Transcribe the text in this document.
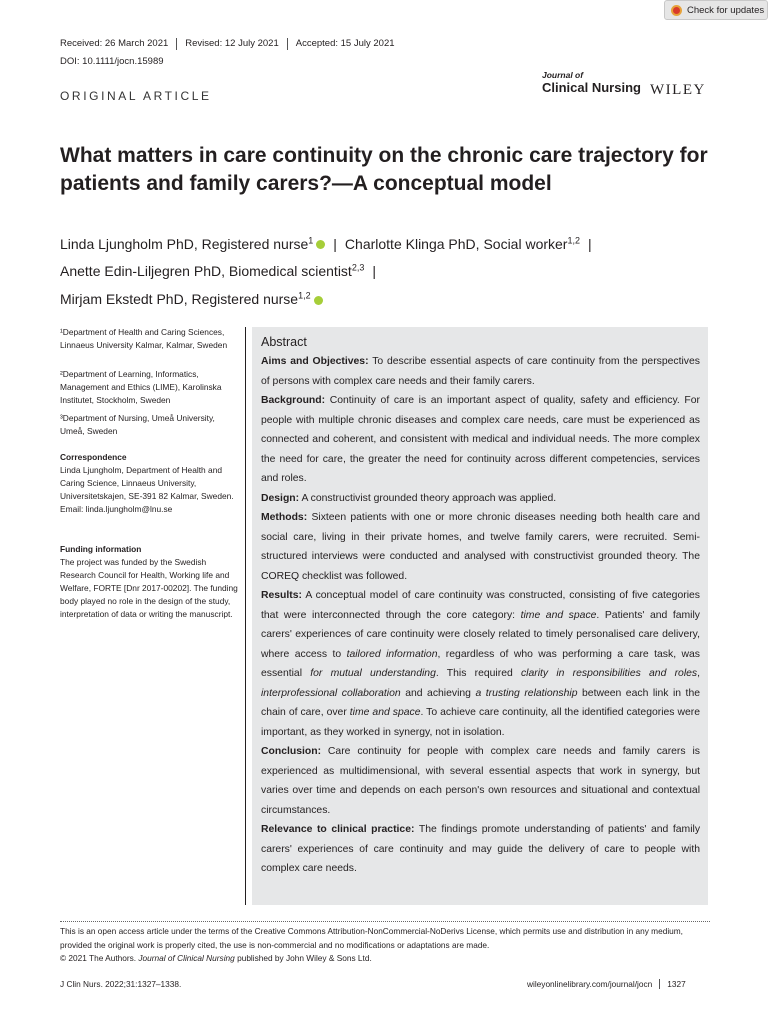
Received: 26 March 2021	Revised: 12 July 2021	Accepted: 15 July 2021
DOI: 10.1111/jocn.15989
Check for updates
ORIGINAL ARTICLE
Journal of
Clinical Nursing WILEY
What matters in care continuity on the chronic care trajectory for patients and family carers?—A conceptual model
Linda Ljungholm PhD, Registered nurse$^1$ | Charlotte Klinga PhD, Social worker$^{1,2}$ |
Anette Edin-Liljegren PhD, Biomedical scientist$^{2,3}$ |
Mirjam Ekstedt PhD, Registered nurse$^{1,2}$
¹Department of Health and Caring Sciences, Linnaeus University Kalmar, Kalmar, Sweden
²Department of Learning, Informatics, Management and Ethics (LIME), Karolinska Institutet, Stockholm, Sweden
³Department of Nursing, Umeå University, Umeå, Sweden
Correspondence
Linda Ljungholm, Department of Health and Caring Science, Linnaeus University, Universitetskajen, SE-391 82 Kalmar, Sweden.
Email: linda.ljungholm@lnu.se
Funding information
The project was funded by the Swedish Research Council for Health, Working life and Welfare, FORTE [Dnr 2017-00202]. The funding body played no role in the design of the study, interpretation of data or writing the manuscript.
Abstract

Aims and Objectives: To describe essential aspects of care continuity from the perspectives of persons with complex care needs and their family carers.

Background: Continuity of care is an important aspect of quality, safety and efficiency. For people with multiple chronic diseases and complex care needs, care must be experienced as connected and coherent, and consistent with medical and individual needs. The more complex the need for care, the greater the need for continuity across different competencies, services and roles.

Design: A constructivist grounded theory approach was applied.

Methods: Sixteen patients with one or more chronic diseases needing both health care and social care, living in their private homes, and twelve family carers, were recruited. Semi-structured interviews were conducted and analysed with constructivist grounded theory. The COREQ checklist was followed.

Results: A conceptual model of care continuity was constructed, consisting of five categories that were interconnected through the core category: time and space. Patients' and family carers' experiences of care continuity were closely related to timely personalised care delivery, where access to tailored information, regardless of who was performing a care task, was essential for mutual understanding. This required clarity in responsibilities and roles, interprofessional collaboration and achieving a trusting relationship between each link in the chain of care, over time and space. To achieve care continuity, all the identified categories were important, as they worked in synergy, not in isolation.

Conclusion: Care continuity for people with complex care needs and family carers is experienced as multidimensional, with several essential aspects that work in synergy, but varies over time and depends on each person's own resources and situational and contextual circumstances.

Relevance to clinical practice: The findings promote understanding of patients' and family carers' experiences of care continuity and may guide the delivery of care to people with complex care needs.

This is an open access article under the terms of the Creative Commons Attribution-NonCommercial-NoDerivs License, which permits use and distribution in any medium, provided the original work is properly cited, the use is non-commercial and no modifications or adaptations are made.
© 2021 The Authors. Journal of Clinical Nursing published by John Wiley & Sons Ltd.
J Clin Nurs. 2022;31:1327–1338.	wileyonlinelibrary.com/journal/jocn	1327
